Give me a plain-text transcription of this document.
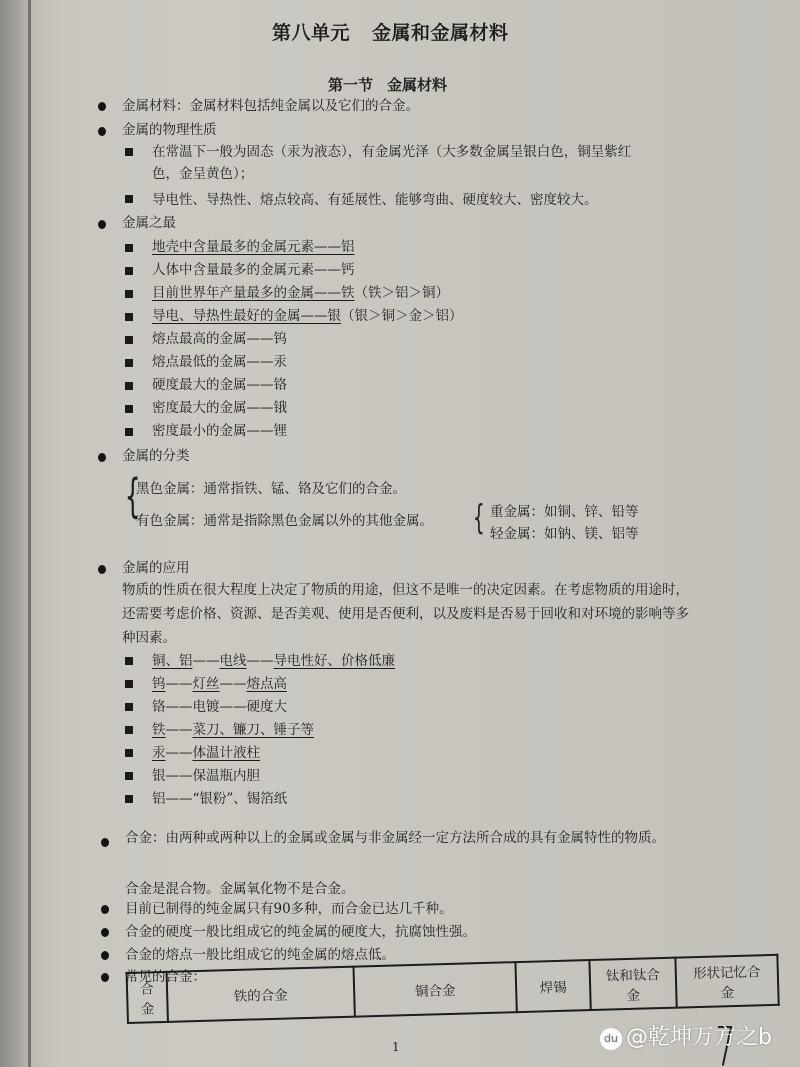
第八单元 金属和金属材料
第一节 金属材料
金属材料：金属材料包括纯金属以及它们的合金。
金属的物理性质
在常温下一般为固态（汞为液态），有金属光泽（大多数金属呈银白色，铜呈紫红
色，金呈黄色）；
导电性、导热性、熔点较高、有延展性、能够弯曲、硬度较大、密度较大。
金属之最
地壳中含量最多的金属元素——铝
人体中含量最多的金属元素——钙
目前世界年产量最多的金属——铁（铁＞铝＞铜）
导电、导热性最好的金属——银（银＞铜＞金＞铝）
熔点最高的金属——钨
熔点最低的金属——汞
硬度最大的金属——铬
密度最大的金属——锇
密度最小的金属——锂
金属的分类
{
黑色金属：通常指铁、锰、铬及它们的合金。
有色金属：通常是指除黑色金属以外的其他金属。 { 重金属：如铜、锌、铅等
轻金属：如钠、镁、铝等
金属的应用
物质的性质在很大程度上决定了物质的用途，但这不是唯一的决定因素。在考虑物质的用途时，还需要考虑价格、资源、是否美观、使用是否便利，以及废料是否易于回收和对环境的影响等多种因素。
铜、铝——电线——导电性好、价格低廉
钨——灯丝——熔点高
铬——电镀——硬度大
铁——菜刀、镰刀、锤子等
汞——体温计液柱
银——保温瓶内胆
铝——“银粉”、锡箔纸
合金：由两种或两种以上的金属或金属与非金属经一定方法所合成的具有金属特性的物质。
合金是混合物。金属氧化物不是合金。
目前已制得的纯金属只有90多种，而合金已达几千种。
合金的硬度一般比组成它的纯金属的硬度大，抗腐蚀性强。
合金的熔点一般比组成它的纯金属的熔点低。
常见的合金：
合金	铁的合金	铜合金	焊锡	钛和钛合金	形状记忆合金
1
du @乾坤万方之b
